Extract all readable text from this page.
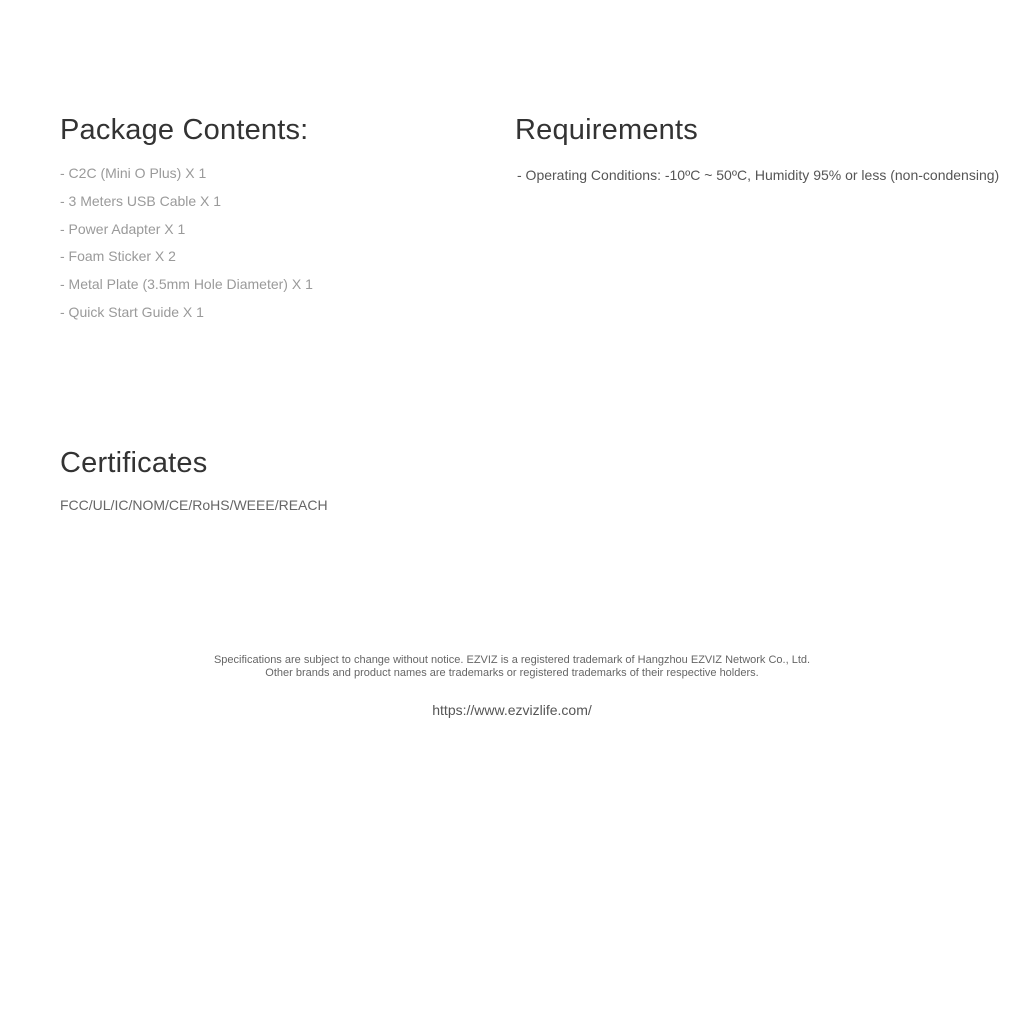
Package Contents:
- C2C (Mini O Plus) X 1
- 3 Meters USB Cable X 1
- Power Adapter X 1
- Foam Sticker X 2
- Metal Plate (3.5mm Hole Diameter) X 1
- Quick Start Guide X 1
Requirements
- Operating Conditions: -10ºC ~ 50ºC, Humidity 95% or less (non-condensing)
Certificates
FCC/UL/IC/NOM/CE/RoHS/WEEE/REACH
Specifications are subject to change without notice. EZVIZ is a registered trademark of Hangzhou EZVIZ Network Co., Ltd.
Other brands and product names are trademarks or registered trademarks of their respective holders.
https://www.ezvizlife.com/
